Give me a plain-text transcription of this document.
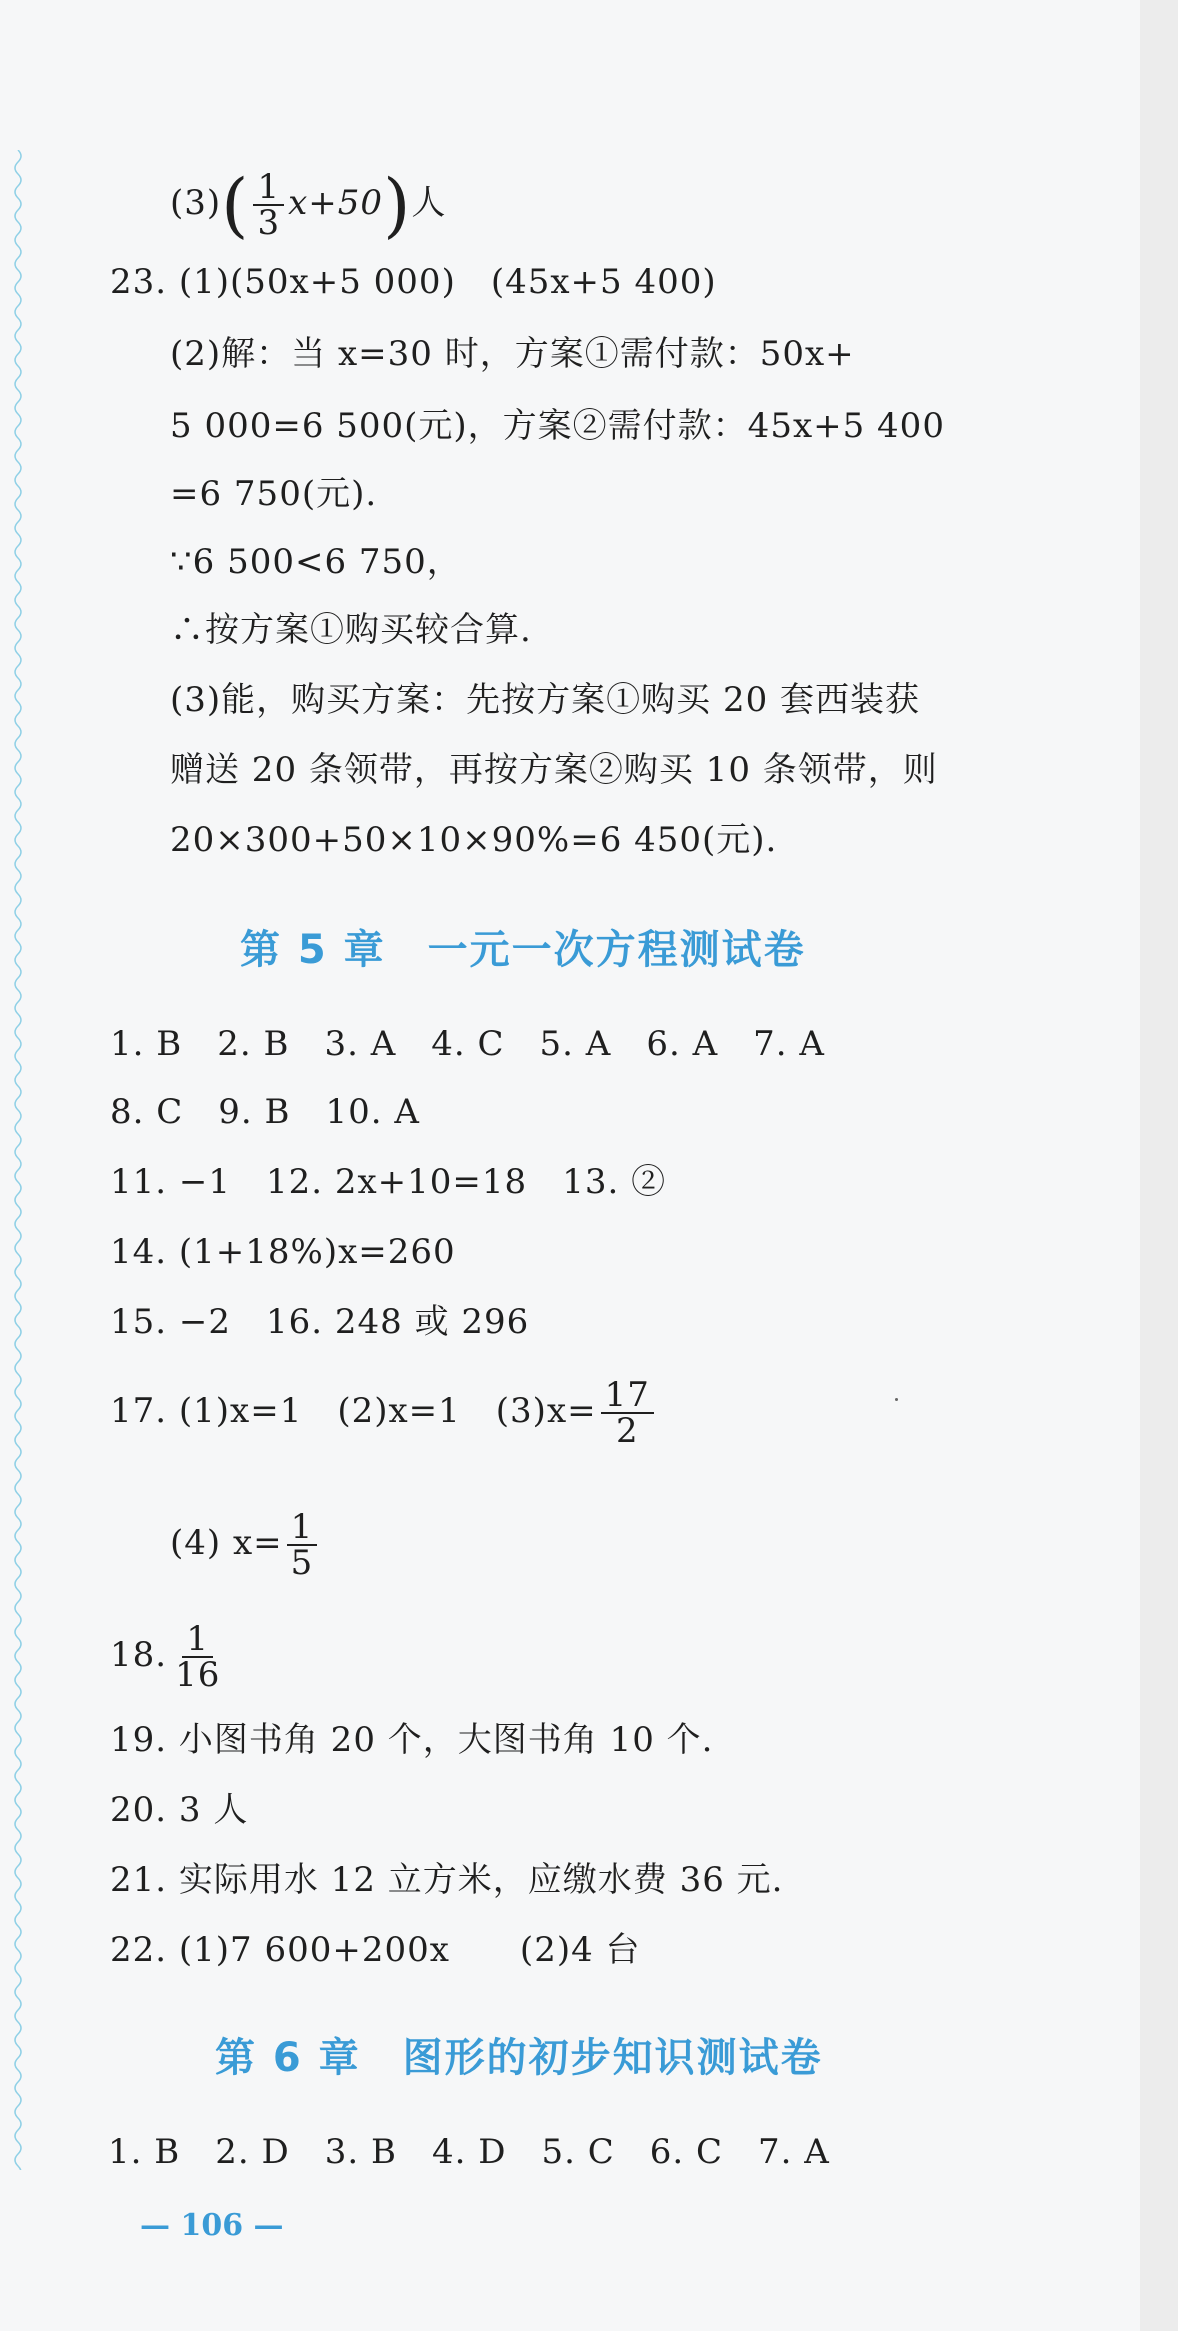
$(3)( \frac{1}{3} x+50)$人
23. (1)(50x+5 000)　(45x+5 400)
(2)解：当 x=30 时，方案①需付款：50x+
5 000=6 500(元)，方案②需付款：45x+5 400
=6 750(元).
∵6 500<6 750，
∴按方案①购买较合算.
(3)能，购买方案：先按方案①购买 20 套西装获
赠送 20 条领带，再按方案②购买 10 条领带，则
20×300+50×10×90%=6 450(元).
第 5 章　一元一次方程测试卷
1. B　2. B　3. A　4. C　5. A　6. A　7. A
8. C　9. B　10. A
11. −1　12. 2x+10=18　13. ②
14. (1+18%)x=260
15. −2　16. 248 或 296
17. (1)x=1　(2)x=1　$(3)x= \frac{17}{2}$
(4) $x= \frac{1}{5}$
18. $\frac{1}{16}$
19. 小图书角 20 个，大图书角 10 个.
20. 3 人
21. 实际用水 12 立方米，应缴水费 36 元.
22. (1)7 600+200x　　(2)4 台
第 6 章　图形的初步知识测试卷
1. B　2. D　3. B　4. D　5. C　6. C　7. A
— 106 —
